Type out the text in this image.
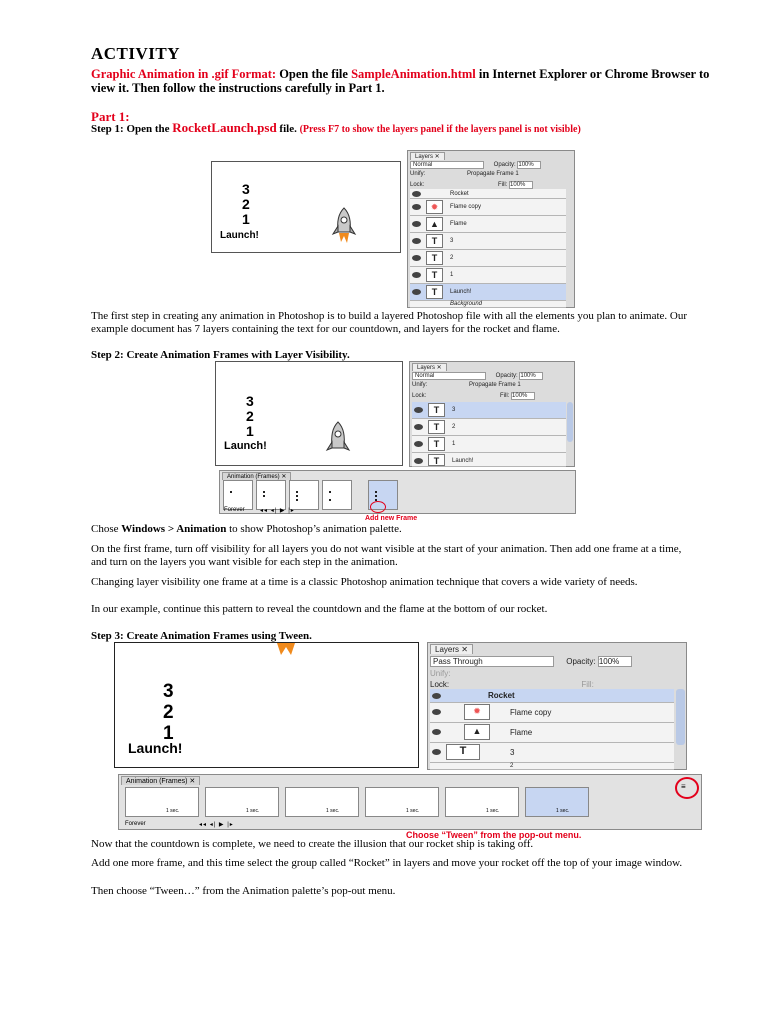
ACTIVITY
Graphic Animation in .gif Format: Open the file SampleAnimation.html in Internet Explorer or Chrome Browser to view it. Then follow the instructions carefully in Part 1.
Part 1:
Step 1: Open the RocketLaunch.psd file. (Press F7 to show the layers panel if the layers panel is not visible)
3
2
1
Launch!
Layers ✕
Normal	Opacity: 100%
Unify:	Propagate Frame 1
Lock:	Fill: 100%
Rocket
✹	Flame copy
▲	Flame
T	3
T	2
T	1
T	Launch!
Background
The first step in creating any animation in Photoshop is to build a layered Photoshop file with all the elements you plan to animate. Our example document has 7 layers containing the text for our countdown, and layers for the rocket and flame.
Step 2: Create Animation Frames with Layer Visibility.
3
2
1
Launch!
Layers ✕
Normal	Opacity: 100%
Unify:	Propagate Frame 1
Lock:	Fill: 100%
T	3
T	2
T	1
T	Launch!
Animation (Frames) ✕
Forever	◂◂ ◂| ▶ |▸
Add new Frame
Chose Windows > Animation to show Photoshop’s animation palette.
On the first frame, turn off visibility for all layers you do not want visible at the start of your animation. Then add one frame at a time, and turn on the layers you want visible for each step in the animation.
Changing layer visibility one frame at a time is a classic Photoshop animation technique that covers a wide variety of needs.
In our example, continue this pattern to reveal the countdown and the flame at the bottom of our rocket.
Step 3: Create Animation Frames using Tween.
3
2
1
Launch!
Layers ✕
Pass Through	Opacity: 100%
Unify:
Lock:	Fill:
Rocket
✹	Flame copy
▲	Flame
T	3
2
Animation (Frames) ✕
1 sec.	1 sec.	1 sec.	1 sec.	1 sec.	1 sec.
Forever	◂◂ ◂| ▶ |▸
≡
Choose “Tween” from the pop-out menu.
Now that the countdown is complete, we need to create the illusion that our rocket ship is taking off.
Add one more frame, and this time select the group called “Rocket” in layers and move your rocket off the top of your image window.
Then choose “Tween…” from the Animation palette’s pop-out menu.
